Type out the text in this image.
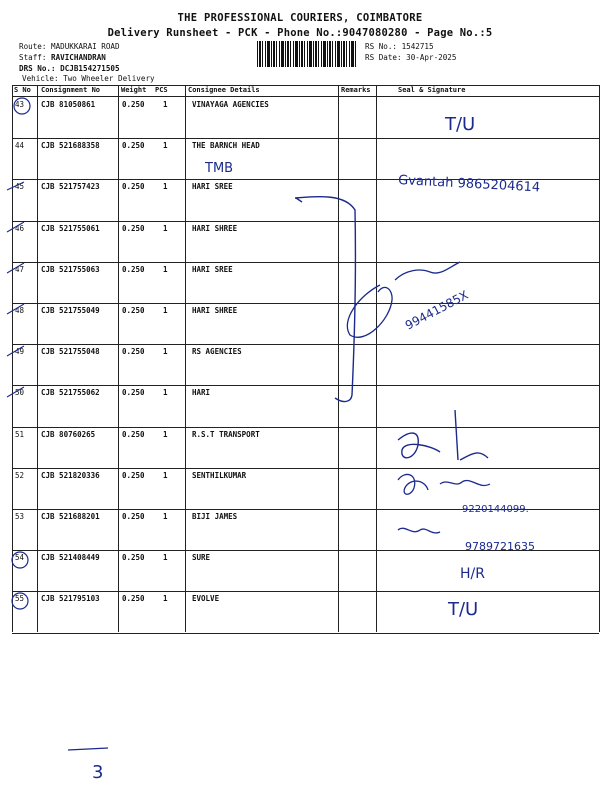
THE PROFESSIONAL COURIERS, COIMBATORE
Delivery Runsheet - PCK - Phone No.:9047080280 - Page No.:5
Route: MADUKKARAI ROAD
Staff: RAVICHANDRAN
DRS No.: DCJB154271505
Vehicle: Two Wheeler Delivery
RS No.: 1542715
RS Date: 30-Apr-2025
S No Consignment No	Weight PCS	Consignee Details	Remarks	Seal & Signature
43 CJB 81050861	0.250 1	VINAYAGA AGENCIES
44 CJB 521688358	0.250 1	THE BARNCH HEAD
45 CJB 521757423	0.250 1	HARI SREE
46 CJB 521755061	0.250 1	HARI SHREE
47 CJB 521755063	0.250 1	HARI SREE
48 CJB 521755049	0.250 1	HARI SHREE
49 CJB 521755048	0.250 1	RS AGENCIES
50 CJB 521755062	0.250 1	HARI
51 CJB 80760265	0.250 1	R.S.T TRANSPORT
52 CJB 521820336	0.250 1	SENTHILKUMAR
53 CJB 521688201	0.250 1	BIJI JAMES
54 CJB 521408449	0.250 1	SURE
55 CJB 521795103	0.250 1	EVOLVE
T/U
TMB
Gvantah 9865204614
99441585X
9220144099.
9789721635
H/R
T/U
3
